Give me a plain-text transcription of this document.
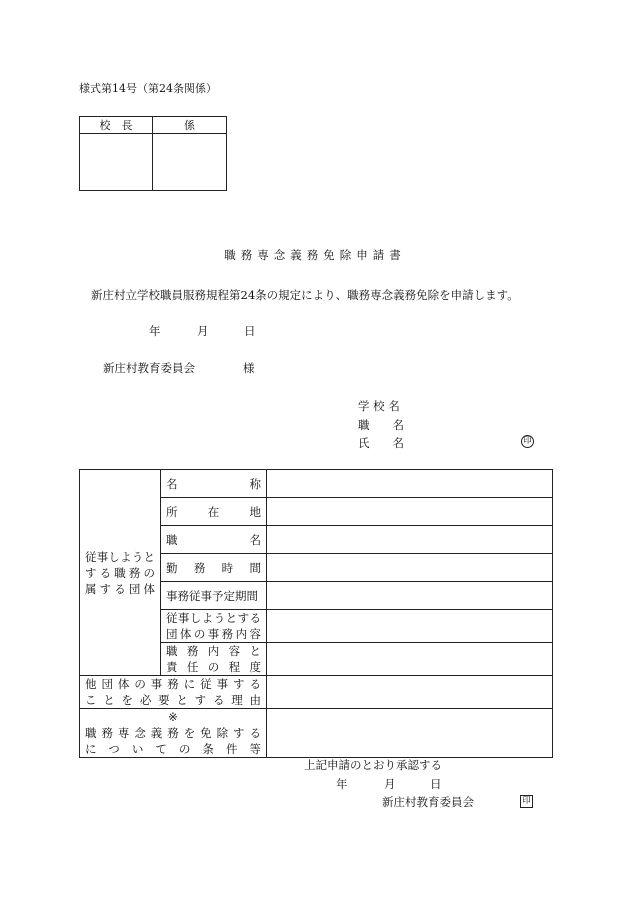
様式第14号（第24条関係）
校　長	係

職務専念義務免除申請書
新庄村立学校職員服務規程第24条の規定により、職務専念義務免除を申請します。
年	月	日
新庄村教育委員会	様
学 校 名
職　　名
氏　　名	印
従事しようと
する職務の
属する団体	名称	

	所在地	

	職名	

	勤務時間	

	事務従事予定期間	

	従事しようとする
団体の事務内容	

	職務内容と
責任の程度	

他団体の事務に従事する
ことを必要とする理由		

※
職務専念義務を免除する
についての条件等		

上記申請のとおり承認する
年	月	日
新庄村教育委員会	印
